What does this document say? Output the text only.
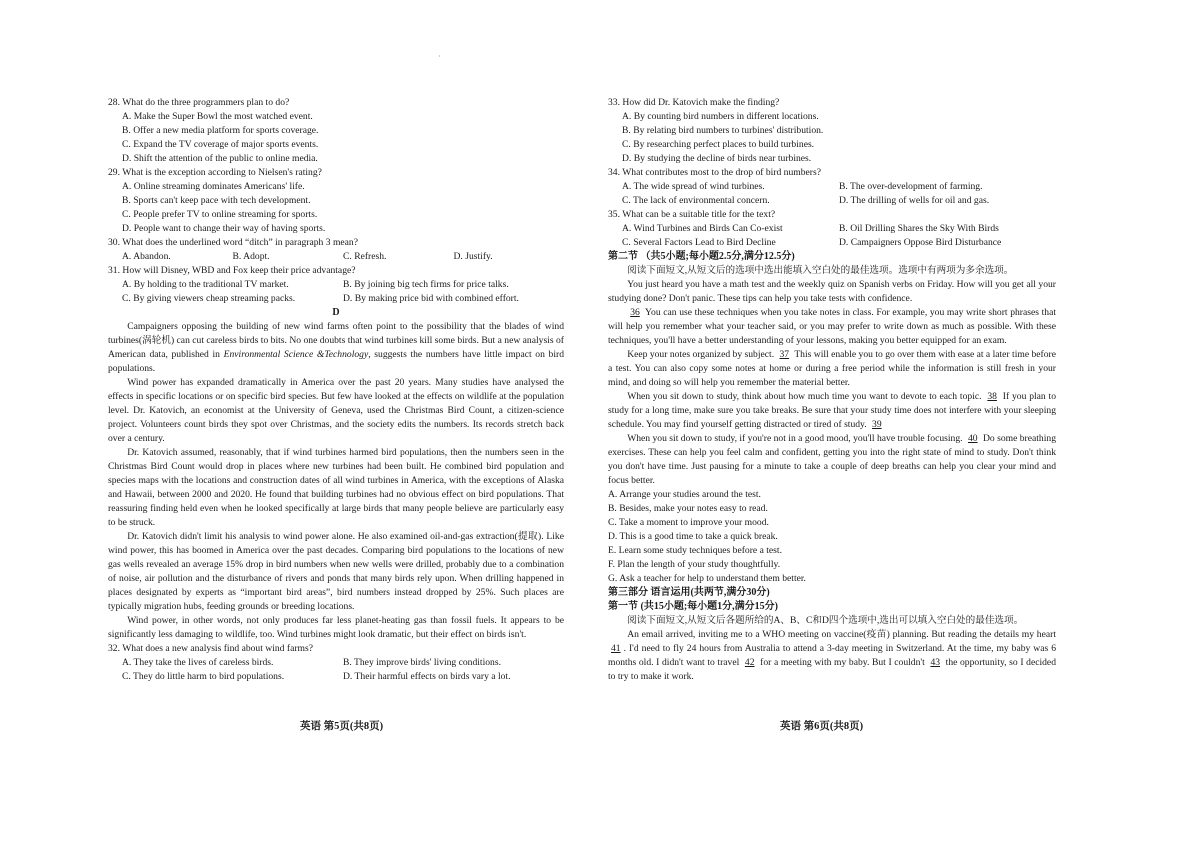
·
28. What do the three programmers plan to do?
A. Make the Super Bowl the most watched event.
B. Offer a new media platform for sports coverage.
C. Expand the TV coverage of major sports events.
D. Shift the attention of the public to online media.
29. What is the exception according to Nielsen's rating?
A. Online streaming dominates Americans' life.
B. Sports can't keep pace with tech development.
C. People prefer TV to online streaming for sports.
D. People want to change their way of having sports.
30. What does the underlined word “ditch” in paragraph 3 mean?
A. Abandon.	B. Adopt.	C. Refresh.	D. Justify.
31. How will Disney, WBD and Fox keep their price advantage?
A. By holding to the traditional TV market.	B. By joining big tech firms for price talks.
C. By giving viewers cheap streaming packs.	D. By making price bid with combined effort.
D

Campaigners opposing the building of new wind farms often point to the possibility that the blades of wind turbines(涡轮机) can cut careless birds to bits. No one doubts that wind turbines kill some birds. But a new analysis of American data, published in Environmental Science &Technology, suggests the numbers have little impact on bird populations.

Wind power has expanded dramatically in America over the past 20 years. Many studies have analysed the effects in specific locations or on specific bird species. But few have looked at the effects on wildlife at the population level. Dr. Katovich, an economist at the University of Geneva, used the Christmas Bird Count, a citizen-science project. Volunteers count birds they spot over Christmas, and the society edits the numbers. Its records stretch back over a century.

Dr. Katovich assumed, reasonably, that if wind turbines harmed bird populations, then the numbers seen in the Christmas Bird Count would drop in places where new turbines had been built. He combined bird population and species maps with the locations and construction dates of all wind turbines in America, with the exceptions of Alaska and Hawaii, between 2000 and 2020. He found that building turbines had no obvious effect on bird populations. That reassuring finding held even when he looked specifically at large birds that many people believe are particularly easy to be struck.

Dr. Katovich didn't limit his analysis to wind power alone. He also examined oil-and-gas extraction(提取). Like wind power, this has boomed in America over the past decades. Comparing bird populations to the locations of new gas wells revealed an average 15% drop in bird numbers when new wells were drilled, probably due to a combination of noise, air pollution and the disturbance of rivers and ponds that many birds rely upon. When drilling happened in places designated by experts as “important bird areas”, bird numbers instead dropped by 25%. Such places are typically migration hubs, feeding grounds or breeding locations.

Wind power, in other words, not only produces far less planet-heating gas than fossil fuels. It appears to be significantly less damaging to wildlife, too. Wind turbines might look dramatic, but their effect on birds isn't.

32. What does a new analysis find about wind farms?
A. They take the lives of careless birds.	B. They improve birds' living conditions.
C. They do little harm to bird populations.	D. Their harmful effects on birds vary a lot.
33. How did Dr. Katovich make the finding?
A. By counting bird numbers in different locations.
B. By relating bird numbers to turbines' distribution.
C. By researching perfect places to build turbines.
D. By studying the decline of birds near turbines.
34. What contributes most to the drop of bird numbers?
A. The wide spread of wind turbines.	B. The over-development of farming.
C. The lack of environmental concern.	D. The drilling of wells for oil and gas.
35. What can be a suitable title for the text?
A. Wind Turbines and Birds Can Co-exist	B. Oil Drilling Shares the Sky With Birds
C. Several Factors Lead to Bird Decline	D. Campaigners Oppose Bird Disturbance
第二节 （共5小题;每小题2.5分,满分12.5分)

阅读下面短文,从短文后的选项中选出能填入空白处的最佳选项。选项中有两项为多余选项。

You just heard you have a math test and the weekly quiz on Spanish verbs on Friday. How will you get all your studying done? Don't panic. These tips can help you take tests with confidence.

36 You can use these techniques when you take notes in class. For example, you may write short phrases that will help you remember what your teacher said, or you may prefer to write down as much as possible. With these techniques, you'll have a better understanding of your lessons, making you better equipped for an exam.

Keep your notes organized by subject. 37 This will enable you to go over them with ease at a later time before a test. You can also copy some notes at home or during a free period while the information is still fresh in your mind, and doing so will help you remember the material better.

When you sit down to study, think about how much time you want to devote to each topic. 38 If you plan to study for a long time, make sure you take breaks. Be sure that your study time does not interfere with your sleeping schedule. You may find yourself getting distracted or tired of study. 39

When you sit down to study, if you're not in a good mood, you'll have trouble focusing. 40 Do some breathing exercises. These can help you feel calm and confident, getting you into the right state of mind to study. Don't think you don't have time. Just pausing for a minute to take a couple of deep breaths can help you clear your mind and focus better.

A. Arrange your studies around the test.
B. Besides, make your notes easy to read.
C. Take a moment to improve your mood.
D. This is a good time to take a quick break.
E. Learn some study techniques before a test.
F. Plan the length of your study thoughtfully.
G. Ask a teacher for help to understand them better.
第三部分 语言运用(共两节,满分30分)
第一节 (共15小题;每小题1分,满分15分)

阅读下面短文,从短文后各题所给的A、B、C和D四个选项中,选出可以填入空白处的最佳选项。

An email arrived, inviting me to a WHO meeting on vaccine(疫苗) planning. But reading the details my heart 41 . I'd need to fly 24 hours from Australia to attend a 3-day meeting in Switzerland. At the time, my baby was 6 months old. I didn't want to travel 42 for a meeting with my baby. But I couldn't 43 the opportunity, so I decided to try to make it work.

英语 第5页(共8页)	英语 第6页(共8页)
